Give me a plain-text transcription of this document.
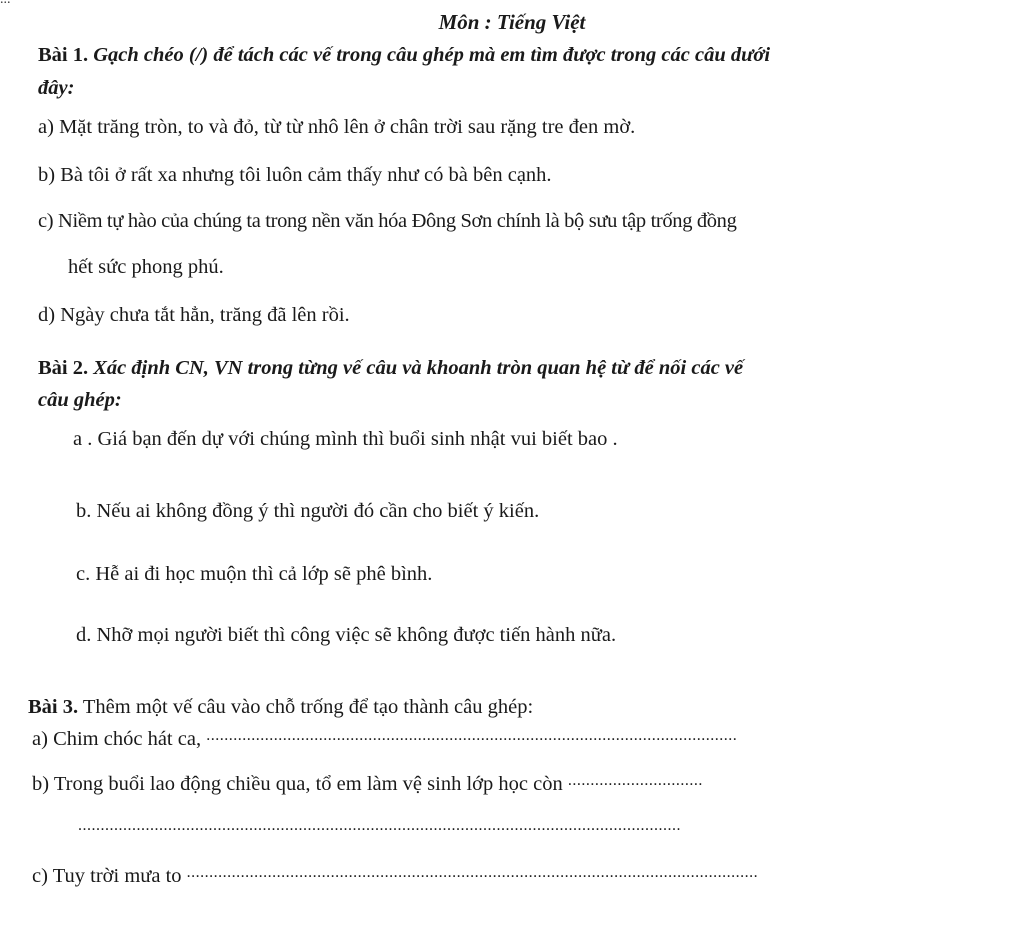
Môn : Tiếng Việt
Bài 1. Gạch chéo (/) để tách các vế trong câu ghép mà em tìm được trong các câu dưới
đây:
a) Mặt trăng tròn, to và đỏ, từ từ nhô lên ở chân trời sau rặng tre đen mờ.
b) Bà tôi ở rất xa nhưng tôi luôn cảm thấy như có bà bên cạnh.
c) Niềm tự hào của chúng ta trong nền văn hóa Đông Sơn chính là bộ sưu tập trống đồng
hết sức phong phú.
d) Ngày chưa tắt hẳn, trăng đã lên rồi.
Bài 2. Xác định CN, VN trong từng vế câu và khoanh tròn quan hệ từ để nối các vế
câu ghép:
a . Giá bạn đến dự với chúng mình thì buổi sinh nhật vui biết bao .
b. Nếu ai không đồng ý thì người đó cần cho biết ý kiến.
c. Hễ ai đi học muộn thì cả lớp sẽ phê bình.
d. Nhỡ mọi người biết thì công việc sẽ không được tiến hành nữa.
Bài 3. Thêm một vế câu vào chỗ trống để tạo thành câu ghép:
a) Chim chóc hát ca, ......................................................................................................................
b) Trong buổi lao động chiều qua, tổ em làm vệ sinh lớp học còn ..............................
......................................................................................................................................
c) Tuy trời mưa to ...............................................................................................................................
